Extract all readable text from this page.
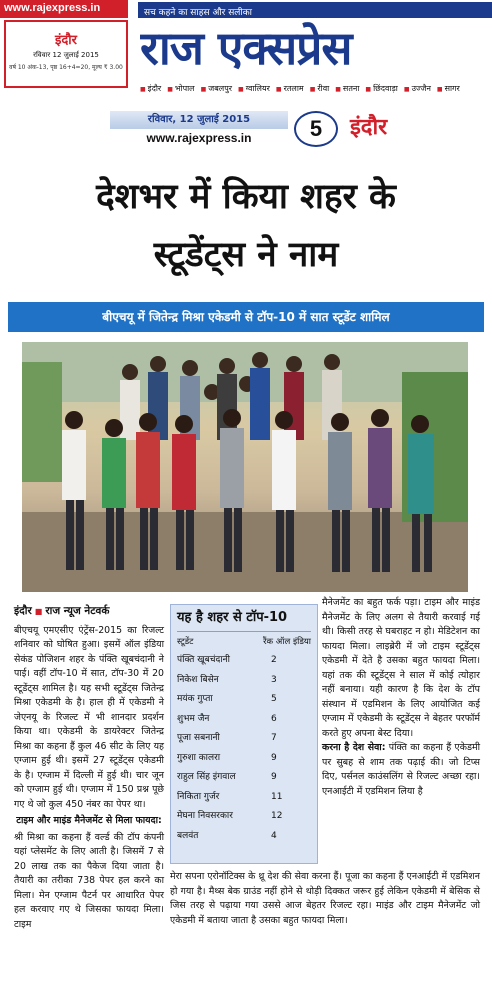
www.rajexpress.in
इंदौर
रविवार 12 जुलाई 2015
वर्ष 10 अंक-13, पृष्ठ 16+4=20, मूल्य ₹ 3.00
सच कहने का साहस और सलीका
राज एक्सप्रेस
■ इंदौर	■ भोपाल	■ जबलपुर	■ ग्वालियर	■ रतलाम	■ रीवा	■ सतना	■ छिंदवाड़ा	■ उज्जैन	■ सागर
रविवार, 12 जुलाई 2015
www.rajexpress.in	5	इंदौर
देशभर में किया शहर के
स्टूडेंट्स ने नाम
बीएचयू में जितेन्द्र मिश्रा एकेडमी से टॉप-10 में सात स्टूडेंट शामिल
इंदौर ■ राज न्यूज नेटवर्क

बीएचयू एमएसीए एंट्रेंस-2015 का रिजल्ट शनिवार को घोषित हुआ। इसमें ऑल इंडिया सेकंड पोजिशन शहर के पंक्ति खूबचंदानी ने पाई। वहीं टॉप-10 में सात, टॉप-30 में 20 स्टूडेंट्स शामिल है। यह सभी स्टूडेंट्स जितेन्द्र मिश्रा एकेडमी के है। हाल ही में एकेडमी ने जेएनयू के रिजल्ट में भी शानदार प्रदर्शन किया था। एकेडमी के डायरेक्टर जितेन्द्र मिश्रा का कहना हैं कुल 46 सीट के लिए यह एग्जाम हुई थी। इसमें 27 स्टूडेंट्स एकेडमी के है। एग्जाम में दिल्ली में हुई थी। चार जून को एग्जाम हुई थी। एग्जाम में 150 प्रश्न पूछे गए थे जो कुल 450 नंबर का पेपर था।

टाइम और माइंड मैनेजमेंट से मिला फायदा:

श्री मिश्रा का कहना हैं वर्ल्ड की टॉप कंपनी यहां प्लेसमेंट के लिए आती है। जिसमें 7 से 20 लाख तक का पैकेज दिया जाता है। तैयारी का तरीका 738 पेपर हल करने का मिला। मेन एग्जाम पैटर्न पर आधारित पेपर हल करवाए गए थे जिसका फायदा मिला। टाइम

यह है शहर से टॉप-10
स्टूडेंट	रैंक ऑल इंडिया
पंक्ति खूबचंदानी	2
निकेश बिसेन	3
मयंक गुप्ता	5
शुभम जैन	6
पूजा सबनानी	7
गुरुशा कालरा	9
राहुल सिंह इंगवाल	9
निकिता गुर्जर	11
मेघना निवसरकार	12
बलवंत	4

मैनेजमेंट का बहुत फर्क पड़ा। टाइम और माइंड मैनेजमेंट के लिए अलग से तैयारी करवाई गई थी। किसी तरह से घबराहट न हो। मेडिटेशन का फायदा मिला। लाइब्रेरी में जो टाइम स्टूडेंट्स एकेडमी में देते है उसका बहुत फायदा मिला। यहां तक की स्टूडेंट्स ने साल में कोई त्योहार नहीं बनाया। यही कारण है कि देश के टॉप संस्थान में एडमिशन के लिए आयोजित कई एग्जाम में एकेडमी के स्टूडेंट्स ने बेहतर परफॉर्म करते हुए अपना बेस्ट दिया।

करना है देश सेवा: पंक्ति का कहना हैं एकेडमी पर सुबह से शाम तक पढ़ाई की। जो टिप्स दिए, पर्सनल काउंसलिंग से रिजल्ट अच्छा रहा। एनआईटी में एडमिशन लिया है

मेरा सपना एरोनॉटिक्स के थ्रू देश की सेवा करना हैं। पूजा का कहना हैं एनआईटी में एडमिशन हो गया है। मैथ्स बेक ग्राउंड नहीं होने से थोड़ी दिक्कत जरूर हुई लेकिन एकेडमी में बेसिक से जिस तरह से पढ़ाया गया उससे आज बेहतर रिजल्ट रहा। माइंड और टाइम मैनेजमेंट जो एकेडमी में बताया जाता है उसका बहुत फायदा मिला।
